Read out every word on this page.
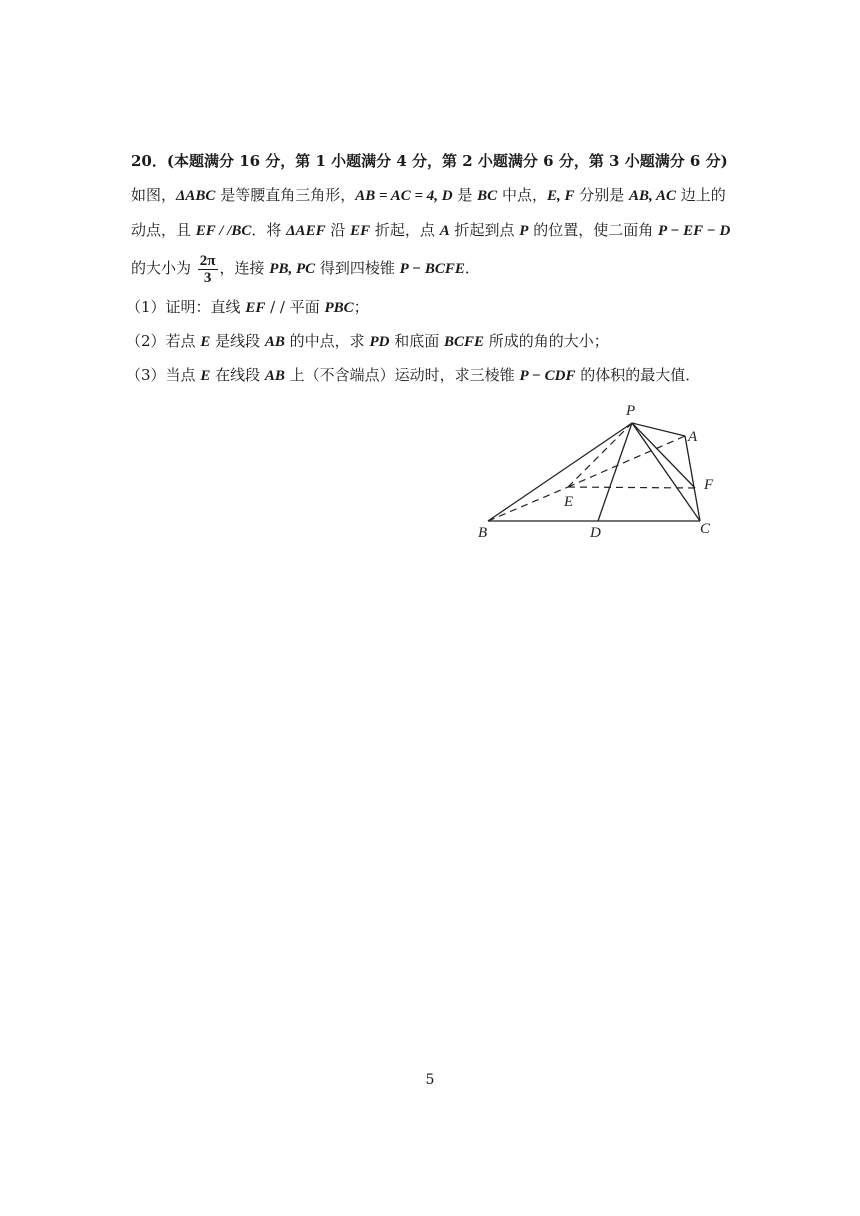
20．(本题满分 16 分，第 1 小题满分 4 分，第 2 小题满分 6 分，第 3 小题满分 6 分)
如图，ΔABC 是等腰直角三角形，AB = AC = 4, D 是 BC 中点，E, F 分别是 AB, AC 边上的
动点，且 EF / /BC．将 ΔAEF 沿 EF 折起，点 A 折起到点 P 的位置，使二面角 P − EF − D
的大小为 $\frac{2\pi}{3}$ ，连接 PB, PC 得到四棱锥 P − BCFE．
（1）证明：直线 EF / / 平面 PBC；
（2）若点 E 是线段 AB 的中点，求 PD 和底面 BCFE 所成的角的大小；
（3）当点 E 在线段 AB 上（不含端点）运动时，求三棱锥 P − CDF 的体积的最大值．
P
A
F
E
B	D	C
5
